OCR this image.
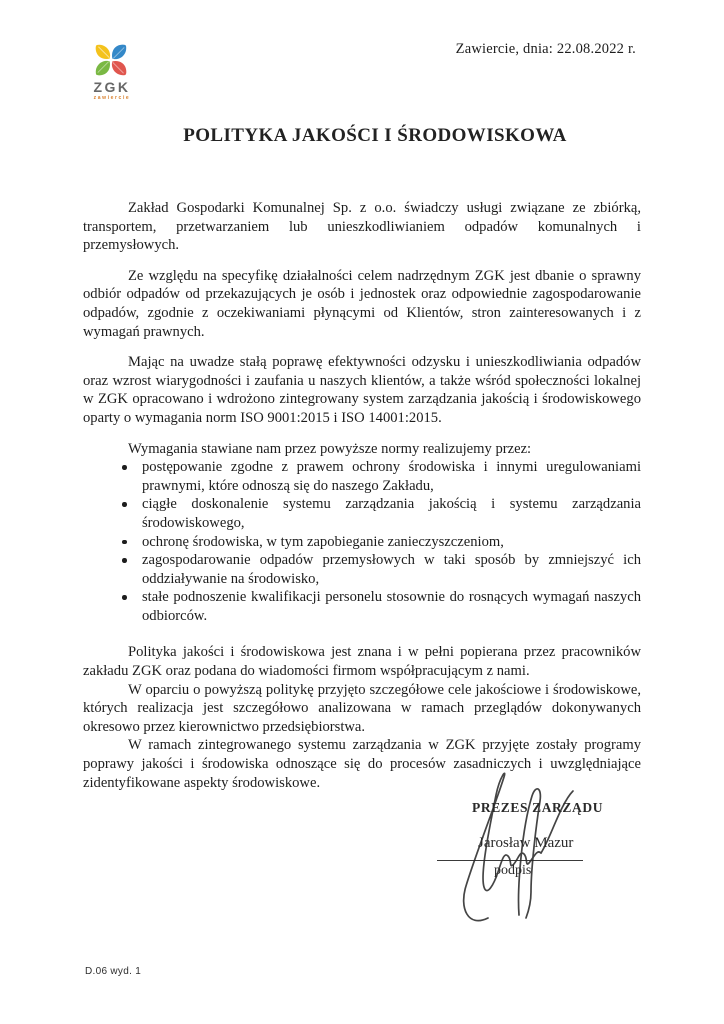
Zawiercie, dnia: 22.08.2022 r.
ZGK
zawiercie
POLITYKA JAKOŚCI I ŚRODOWISKOWA

Zakład Gospodarki Komunalnej Sp. z o.o. świadczy usługi związane ze zbiórką, transportem, przetwarzaniem lub unieszkodliwianiem odpadów komunalnych i przemysłowych.

Ze względu na specyfikę działalności celem nadrzędnym ZGK jest dbanie o sprawny odbiór odpadów od przekazujących je osób i jednostek oraz odpowiednie zagospodarowanie odpadów, zgodnie z oczekiwaniami płynącymi od Klientów, stron zainteresowanych i z wymagań prawnych.

Mając na uwadze stałą poprawę efektywności odzysku i unieszkodliwiania odpadów oraz wzrost wiarygodności i zaufania u naszych klientów, a także wśród społeczności lokalnej w ZGK opracowano i wdrożono zintegrowany system zarządzania jakością i środowiskowego oparty o wymagania norm ISO 9001:2015 i ISO 14001:2015.

Wymagania stawiane nam przez powyższe normy realizujemy przez:

postępowanie zgodne z prawem ochrony środowiska i innymi uregulowaniami prawnymi, które odnoszą się do naszego Zakładu,
ciągłe doskonalenie systemu zarządzania jakością i systemu zarządzania środowiskowego,
ochronę środowiska, w tym zapobieganie zanieczyszczeniom,
zagospodarowanie odpadów przemysłowych w taki sposób by zmniejszyć ich oddziaływanie na środowisko,
stałe podnoszenie kwalifikacji personelu stosownie do rosnących wymagań naszych odbiorców.

Polityka jakości i środowiskowa jest znana i w pełni popierana przez pracowników zakładu ZGK oraz podana do wiadomości firmom współpracującym z nami.

W oparciu o powyższą politykę przyjęto szczegółowe cele jakościowe i środowiskowe, których realizacja jest szczegółowo analizowana w ramach przeglądów dokonywanych okresowo przez kierownictwo przedsiębiorstwa.

W ramach zintegrowanego systemu zarządzania w ZGK przyjęte zostały programy poprawy jakości i środowiska odnoszące się do procesów zasadniczych i uwzględniające zidentyfikowane aspekty środowiskowe.

PREZES ZARZĄDU
Jarosław Mazur
podpis
D.06 wyd. 1
